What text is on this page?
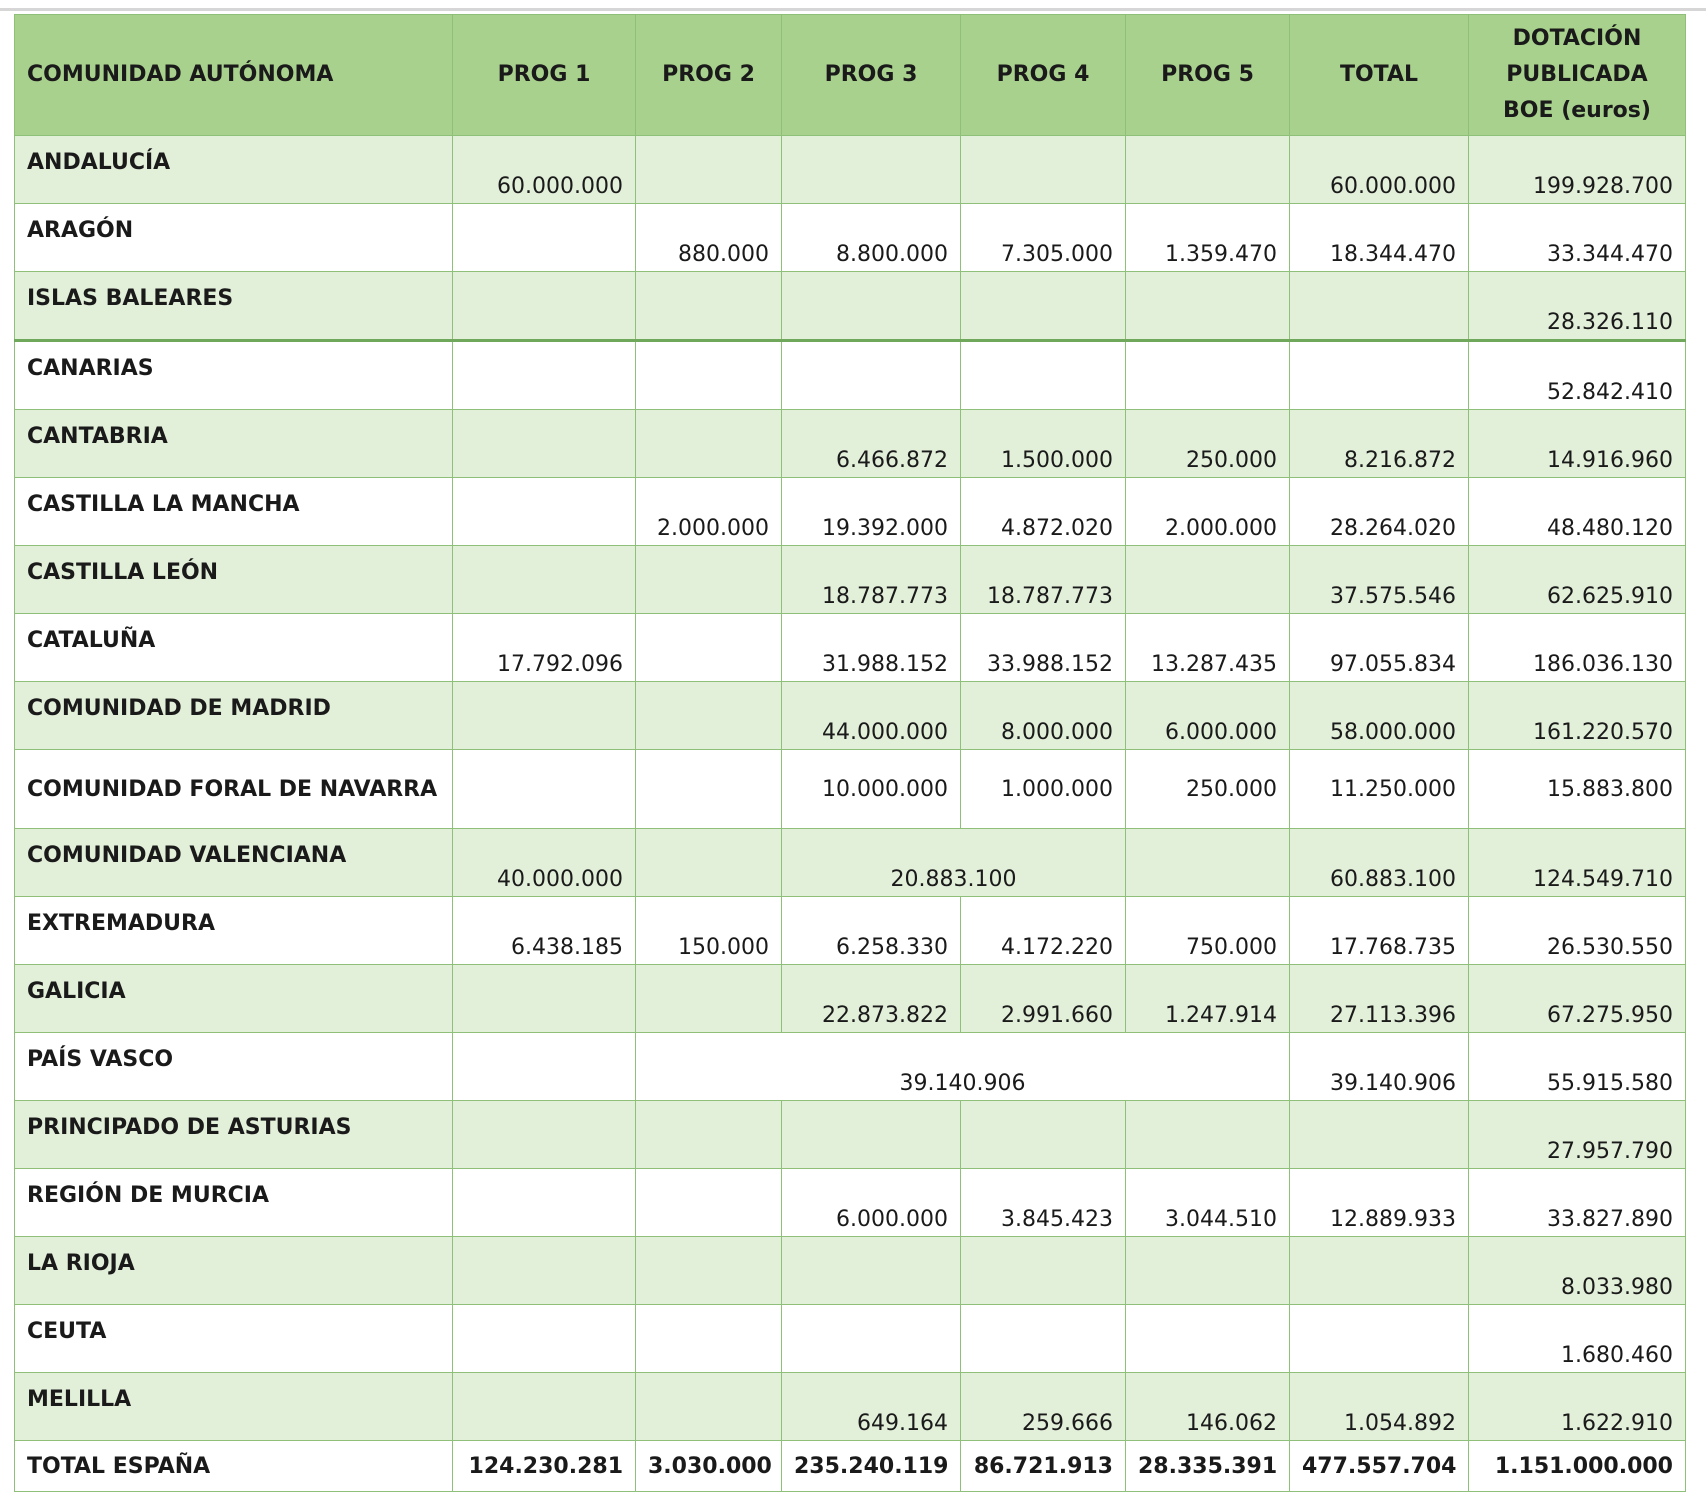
COMUNIDAD AUTÓNOMA	PROG 1	PROG 2	PROG 3	PROG 4	PROG 5	TOTAL	DOTACIÓN PUBLICADA BOE (euros)
ANDALUCÍA	60.000.000					60.000.000	199.928.700
ARAGÓN		880.000	8.800.000	7.305.000	1.359.470	18.344.470	33.344.470
ISLAS BALEARES							28.326.110
CANARIAS							52.842.410
CANTABRIA			6.466.872	1.500.000	250.000	8.216.872	14.916.960
CASTILLA LA MANCHA		2.000.000	19.392.000	4.872.020	2.000.000	28.264.020	48.480.120
CASTILLA LEÓN			18.787.773	18.787.773		37.575.546	62.625.910
CATALUÑA	17.792.096		31.988.152	33.988.152	13.287.435	97.055.834	186.036.130
COMUNIDAD DE MADRID			44.000.000	8.000.000	6.000.000	58.000.000	161.220.570
COMUNIDAD FORAL DE NAVARRA			10.000.000	1.000.000	250.000	11.250.000	15.883.800
COMUNIDAD VALENCIANA	40.000.000		20.883.100			60.883.100	124.549.710
EXTREMADURA	6.438.185	150.000	6.258.330	4.172.220	750.000	17.768.735	26.530.550
GALICIA			22.873.822	2.991.660	1.247.914	27.113.396	67.275.950
PAÍS VASCO		39.140.906				39.140.906	55.915.580
PRINCIPADO DE ASTURIAS							27.957.790
REGIÓN DE MURCIA			6.000.000	3.845.423	3.044.510	12.889.933	33.827.890
LA RIOJA							8.033.980
CEUTA							1.680.460
MELILLA			649.164	259.666	146.062	1.054.892	1.622.910
TOTAL ESPAÑA	124.230.281	3.030.000	235.240.119	86.721.913	28.335.391	477.557.704	1.151.000.000
